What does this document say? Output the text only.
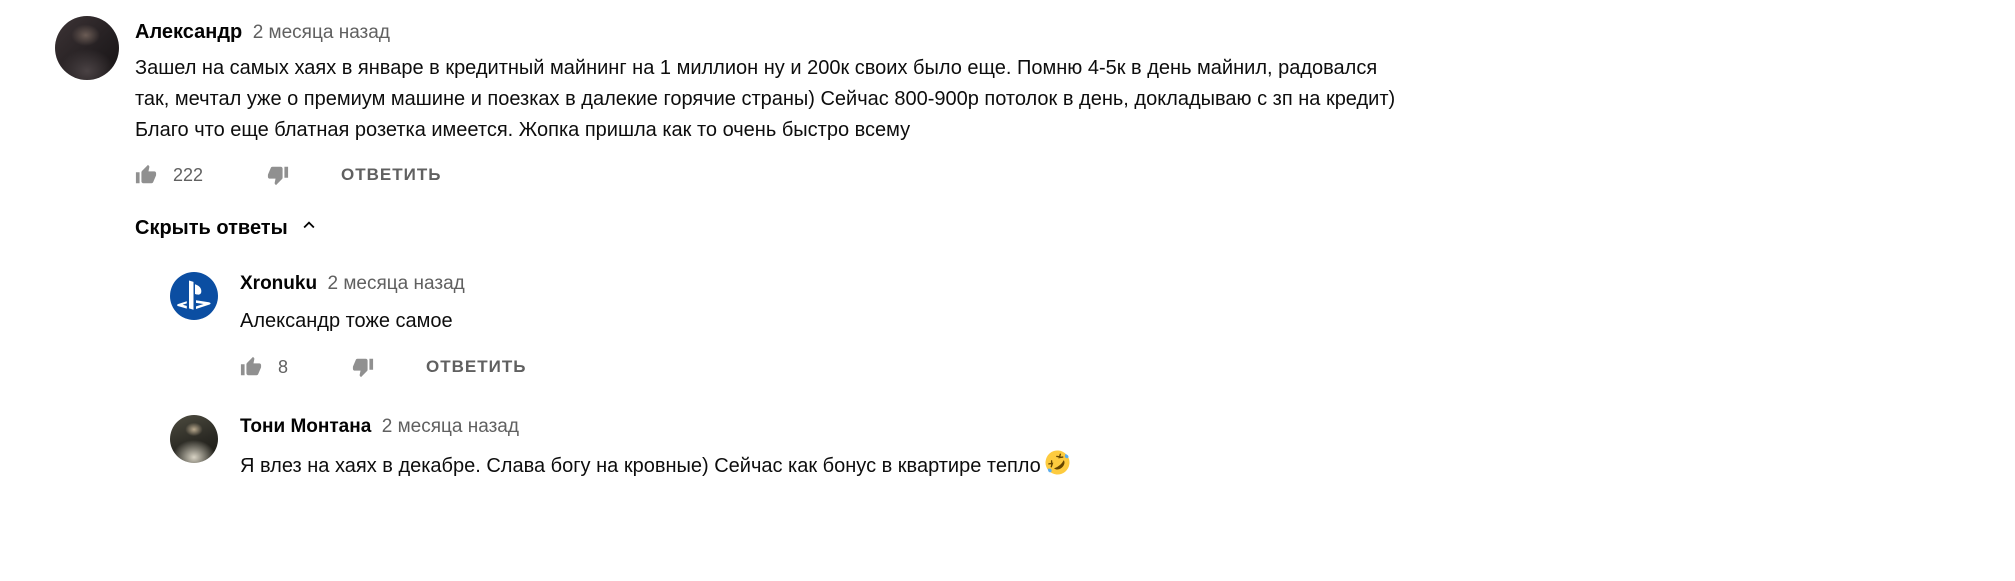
Александр 2 месяца назад
Зашел на самых хаях в январе в кредитный майнинг на 1 миллион ну и 200к своих было еще. Помню 4-5к в день майнил, радовался
так, мечтал уже о премиум машине и поезках в далекие горячие страны) Сейчас 800-900р потолок в день, докладываю с зп на кредит)
Благо что еще блатная розетка имеется. Жопка пришла как то очень быстро всему
222	ОТВЕТИТЬ
Скрыть ответы
Xronuku 2 месяца назад
Александр тоже самое
8	ОТВЕТИТЬ
Тони Монтана 2 месяца назад
Я влез на хаях в декабре. Слава богу на кровные) Сейчас как бонус в квартире тепло
